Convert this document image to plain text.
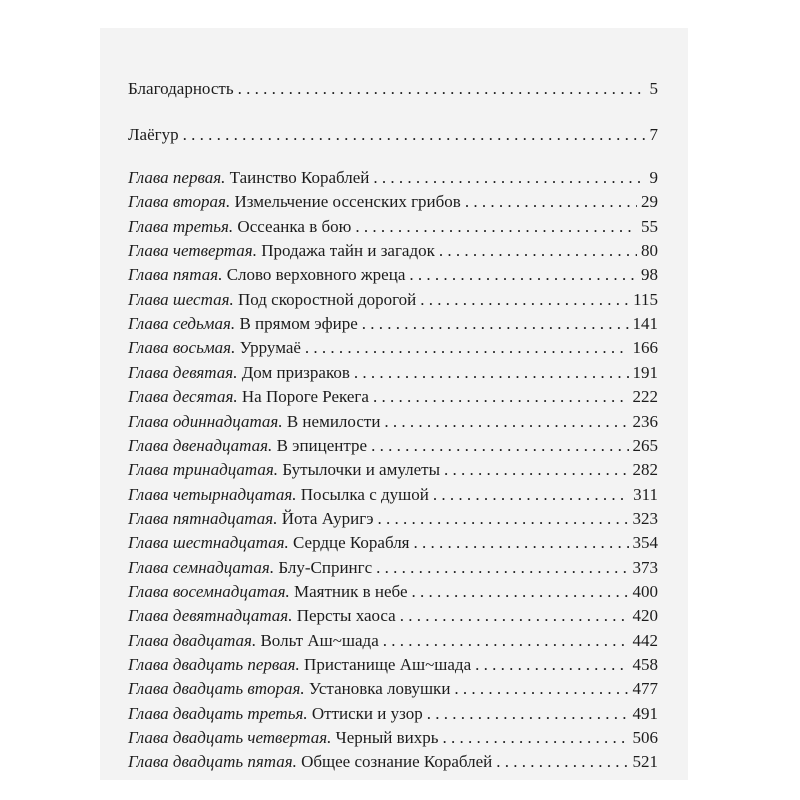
Благодарность . . .	5
Лаёгур . . .	7
Глава первая. Таинство Кораблей . . .	9
Глава вторая. Измельчение оссенских грибов . . .	29
Глава третья. Оссеанка в бою . . .	55
Глава четвертая. Продажа тайн и загадок . . .	80
Глава пятая. Слово верховного жреца . . .	98
Глава шестая. Под скоростной дорогой . . .	115
Глава седьмая. В прямом эфире . . .	141
Глава восьмая. Уррумаё . . .	166
Глава девятая. Дом призраков . . .	191
Глава десятая. На Пороге Рекега . . .	222
Глава одиннадцатая. В немилости . . .	236
Глава двенадцатая. В эпицентре . . .	265
Глава тринадцатая. Бутылочки и амулеты . . .	282
Глава четырнадцатая. Посылка с душой . . .	311
Глава пятнадцатая. Йота Ауригэ . . .	323
Глава шестнадцатая. Сердце Корабля . . .	354
Глава семнадцатая. Блу-Спрингс . . .	373
Глава восемнадцатая. Маятник в небе . . .	400
Глава девятнадцатая. Персты хаоса . . .	420
Глава двадцатая. Вольт Аш~шада . . .	442
Глава двадцать первая. Пристанище Аш~шада . . .	458
Глава двадцать вторая. Установка ловушки . . .	477
Глава двадцать третья. Оттиски и узор . . .	491
Глава двадцать четвертая. Черный вихрь . . .	506
Глава двадцать пятая. Общее сознание Кораблей . . .	521
